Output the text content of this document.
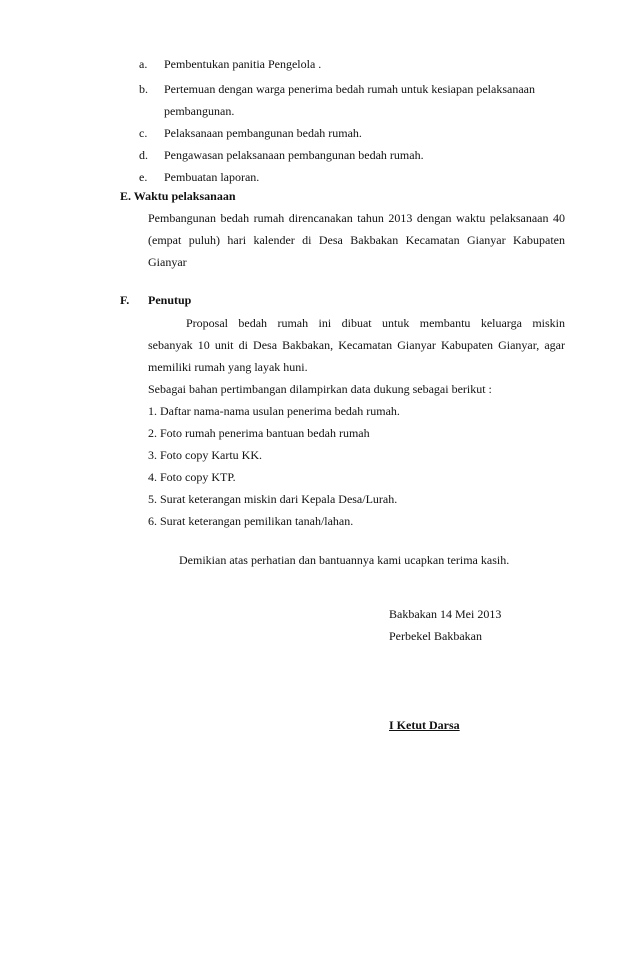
a. Pembentukan panitia Pengelola .
b. Pertemuan dengan warga penerima bedah rumah untuk kesiapan pelaksanaan
pembangunan.
c. Pelaksanaan pembangunan bedah rumah.
d. Pengawasan pelaksanaan pembangunan bedah rumah.
e. Pembuatan laporan.
E. Waktu pelaksanaan
Pembangunan bedah rumah direncanakan tahun 2013 dengan waktu pelaksanaan 40
(empat puluh) hari kalender di Desa Bakbakan Kecamatan Gianyar Kabupaten
Gianyar
F. Penutup
Proposal bedah rumah ini dibuat untuk membantu keluarga miskin
sebanyak 10 unit di Desa Bakbakan, Kecamatan Gianyar Kabupaten Gianyar, agar
memiliki rumah yang layak huni.
Sebagai bahan pertimbangan dilampirkan data dukung sebagai berikut :
1. Daftar nama-nama usulan penerima bedah rumah.
2. Foto rumah penerima bantuan bedah rumah
3. Foto copy Kartu KK.
4. Foto copy KTP.
5. Surat keterangan miskin dari Kepala Desa/Lurah.
6. Surat keterangan pemilikan tanah/lahan.
Demikian atas perhatian dan bantuannya kami ucapkan terima kasih.
Bakbakan 14 Mei 2013
Perbekel Bakbakan
I Ketut Darsa
